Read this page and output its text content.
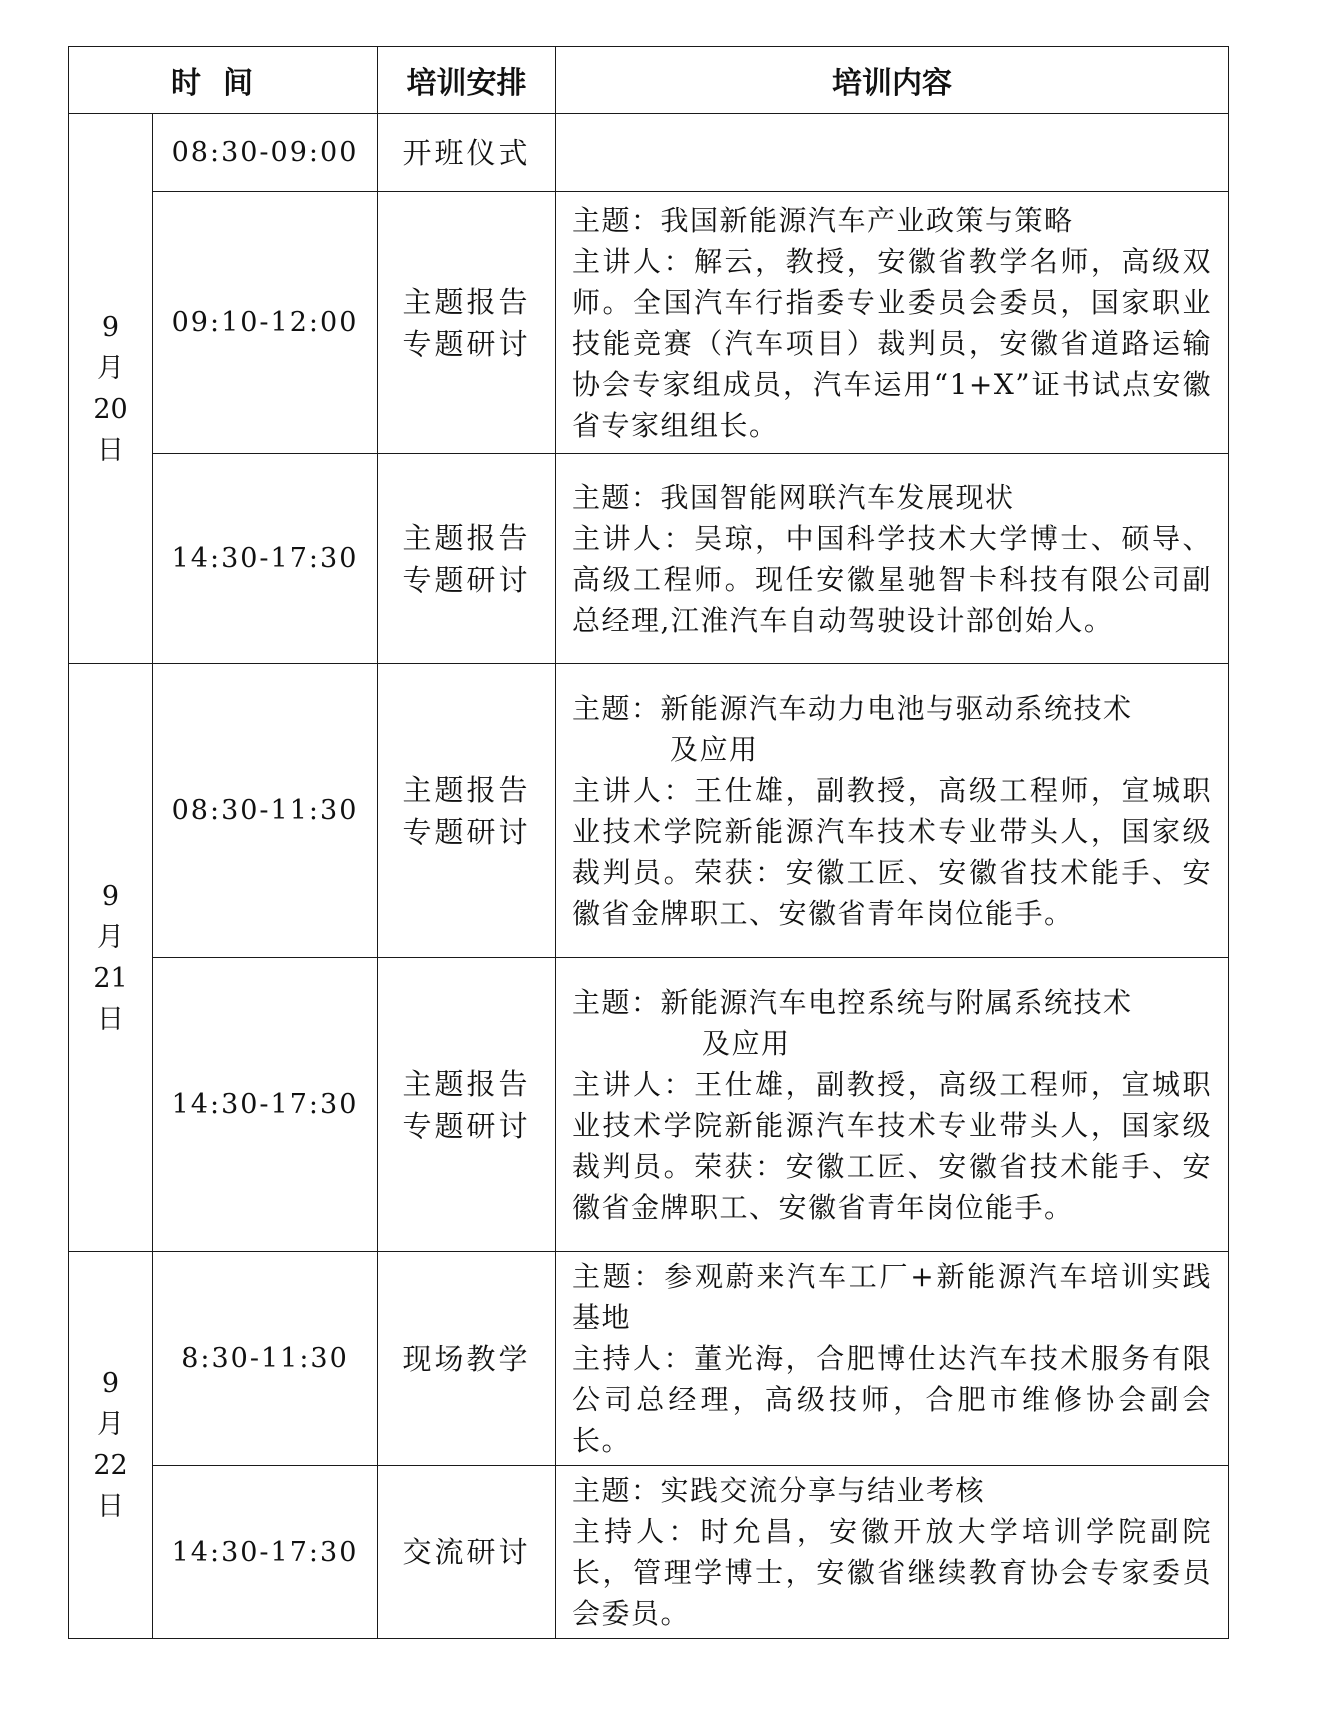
时间		培训安排	培训内容

9
月
20
日	08:30-09:00	开班仪式	

	09:10-12:00	主题报告
专题研讨	主题：我国新能源汽车产业政策与策略
主讲人：解云，教授，安徽省教学名师，高级双师。全国汽车行指委专业委员会委员，国家职业技能竞赛（汽车项目）裁判员，安徽省道路运输协会专家组成员，汽车运用“1+X”证书试点安徽省专家组组长。

	14:30-17:30	主题报告
专题研讨	主题：我国智能网联汽车发展现状
主讲人：吴琼，中国科学技术大学博士、硕导、高级工程师。现任安徽星驰智卡科技有限公司副总经理,江淮汽车自动驾驶设计部创始人。

9
月
21
日	08:30-11:30	主题报告
专题研讨	主题：新能源汽车动力电池与驱动系统技术
及应用
主讲人：王仕雄，副教授，高级工程师，宣城职业技术学院新能源汽车技术专业带头人，国家级裁判员。荣获：安徽工匠、安徽省技术能手、安徽省金牌职工、安徽省青年岗位能手。

	14:30-17:30	主题报告
专题研讨	主题：新能源汽车电控系统与附属系统技术
及应用
主讲人：王仕雄，副教授，高级工程师，宣城职业技术学院新能源汽车技术专业带头人，国家级裁判员。荣获：安徽工匠、安徽省技术能手、安徽省金牌职工、安徽省青年岗位能手。

9
月
22
日	8:30-11:30	现场教学	主题：参观蔚来汽车工厂+新能源汽车培训实践基地
主持人：董光海，合肥博仕达汽车技术服务有限公司总经理，高级技师，合肥市维修协会副会长。

	14:30-17:30	交流研讨	主题：实践交流分享与结业考核
主持人：时允昌，安徽开放大学培训学院副院长，管理学博士，安徽省继续教育协会专家委员会委员。
